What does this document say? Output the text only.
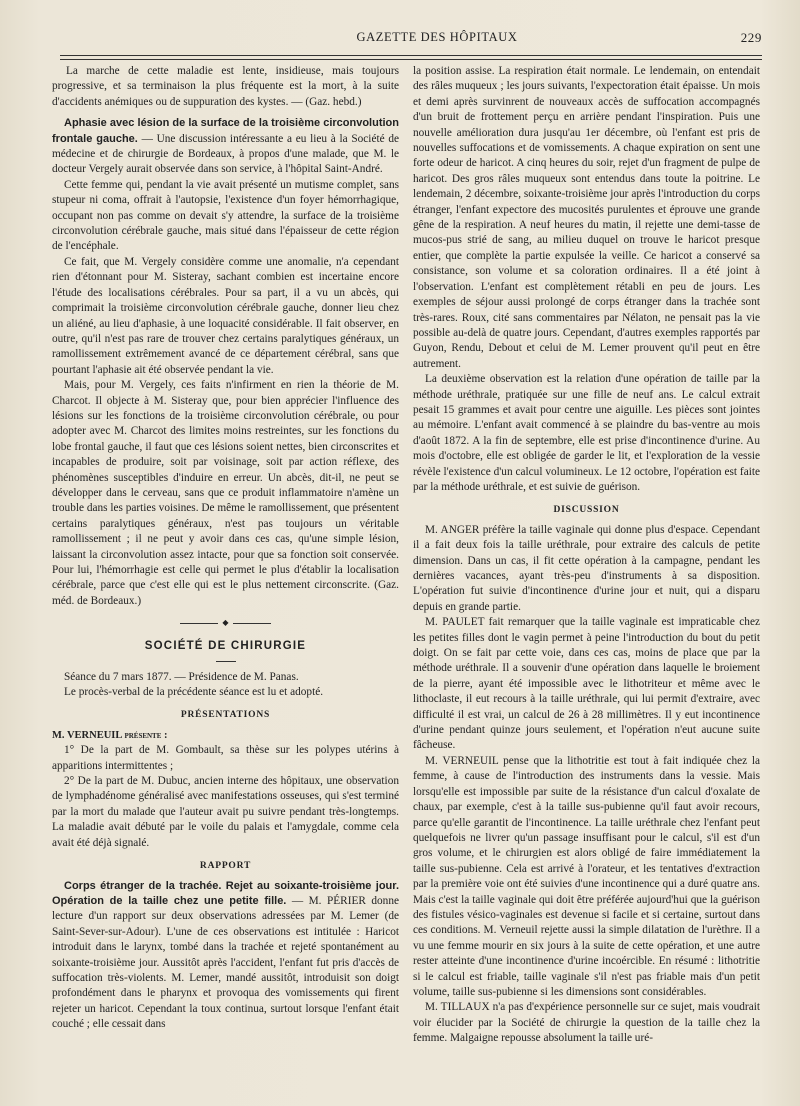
GAZETTE DES HÔPITAUX	229

La marche de cette maladie est lente, insidieuse, mais toujours progressive, et sa terminaison la plus fréquente est la mort, à la suite d'accidents anémiques ou de suppuration des kystes. — (Gaz. hebd.)

Aphasie avec lésion de la surface de la troisième circonvolution frontale gauche. — Une discussion intéressante a eu lieu à la Société de médecine et de chirurgie de Bordeaux, à propos d'une malade, que M. le docteur Vergely aurait observée dans son service, à l'hôpital Saint-André.

Cette femme qui, pendant la vie avait présenté un mutisme complet, sans stupeur ni coma, offrait à l'autopsie, l'existence d'un foyer hémorrhagique, occupant non pas comme on devait s'y attendre, la surface de la troisième circonvolution cérébrale gauche, mais situé dans l'épaisseur de cette région de l'encéphale.

Ce fait, que M. Vergely considère comme une anomalie, n'a cependant rien d'étonnant pour M. Sisteray, sachant combien est incertaine encore l'étude des localisations cérébrales. Pour sa part, il a vu un abcès, qui comprimait la troisième circonvolution cérébrale gauche, donner lieu chez un aliéné, au lieu d'aphasie, à une loquacité considérable. Il fait observer, en outre, qu'il n'est pas rare de trouver chez certains paralytiques généraux, un ramollissement extrêmement avancé de ce département cérébral, sans que pourtant l'aphasie ait été observée pendant la vie.

Mais, pour M. Vergely, ces faits n'infirment en rien la théorie de M. Charcot. Il objecte à M. Sisteray que, pour bien apprécier l'influence des lésions sur les fonctions de la troisième circonvolution cérébrale, ou pour adopter avec M. Charcot des limites moins restreintes, sur les fonctions du lobe frontal gauche, il faut que ces lésions soient nettes, bien circonscrites et incapables de produire, soit par voisinage, soit par action réflexe, des phénomènes susceptibles d'induire en erreur. Un abcès, dit-il, ne peut se développer dans le cerveau, sans que ce produit inflammatoire n'amène un trouble dans les parties voisines. De même le ramollissement, que présentent certains paralytiques généraux, n'est pas toujours un véritable ramollissement ; il ne peut y avoir dans ces cas, qu'une simple lésion, laissant la circonvolution assez intacte, pour que sa fonction soit conservée. Pour lui, l'hémorrhagie est celle qui permet le plus d'établir la localisation cérébrale, parce que c'est elle qui est le plus nettement circonscrite. (Gaz. méd. de Bordeaux.)

◆
SOCIÉTÉ DE CHIRURGIE

Séance du 7 mars 1877. — Présidence de M. Panas.

Le procès-verbal de la précédente séance est lu et adopté.

PRÉSENTATIONS

M. VERNEUIL présente :

1° De la part de M. Gombault, sa thèse sur les polypes utérins à apparitions intermittentes ;

2° De la part de M. Dubuc, ancien interne des hôpitaux, une observation de lymphadénome généralisé avec manifestations osseuses, qui s'est terminé par la mort du malade que l'auteur avait pu suivre pendant très-longtemps. La maladie avait débuté par le voile du palais et l'amygdale, comme cela avait été déjà signalé.

RAPPORT

Corps étranger de la trachée. Rejet au soixante-troisième jour. Opération de la taille chez une petite fille. — M. PÉRIER donne lecture d'un rapport sur deux observations adressées par M. Lemer (de Saint-Sever-sur-Adour). L'une de ces observations est intitulée : Haricot introduit dans le larynx, tombé dans la trachée et rejeté spontanément au soixante-troisième jour. Aussitôt après l'accident, l'enfant fut pris d'accès de suffocation très-violents. M. Lemer, mandé aussitôt, introduisit son doigt profondément dans le pharynx et provoqua des vomissements qui firent rejeter un haricot. Cependant la toux continua, surtout lorsque l'enfant était couché ; elle cessait dans

la position assise. La respiration était normale. Le lendemain, on entendait des râles muqueux ; les jours suivants, l'expectoration était épaisse. Un mois et demi après survinrent de nouveaux accès de suffocation accompagnés d'un bruit de frottement perçu en arrière pendant l'inspiration. Puis une nouvelle amélioration dura jusqu'au 1er décembre, où l'enfant est pris de nouvelles suffocations et de vomissements. A chaque expiration on sent une forte odeur de haricot. A cinq heures du soir, rejet d'un fragment de pulpe de haricot. Des gros râles muqueux sont entendus dans toute la poitrine. Le lendemain, 2 décembre, soixante-troisième jour après l'introduction du corps étranger, l'enfant expectore des mucosités purulentes et éprouve une grande gêne de la respiration. A neuf heures du matin, il rejette une demi-tasse de mucos-pus strié de sang, au milieu duquel on trouve le haricot presque entier, que complète la partie expulsée la veille. Ce haricot a conservé sa consistance, son volume et sa coloration ordinaires. Il a été joint à l'observation. L'enfant est complètement rétabli en peu de jours. Les exemples de séjour aussi prolongé de corps étranger dans la trachée sont très-rares. Roux, cité sans commentaires par Nélaton, ne pensait pas la vie possible au-delà de quatre jours. Cependant, d'autres exemples rapportés par Guyon, Rendu, Debout et celui de M. Lemer prouvent qu'il peut en être autrement.

La deuxième observation est la relation d'une opération de taille par la méthode uréthrale, pratiquée sur une fille de neuf ans. Le calcul extrait pesait 15 grammes et avait pour centre une aiguille. Les pièces sont jointes au mémoire. L'enfant avait commencé à se plaindre du bas-ventre au mois d'août 1872. A la fin de septembre, elle est prise d'incontinence d'urine. Au mois d'octobre, elle est obligée de garder le lit, et l'exploration de la vessie révèle l'existence d'un calcul volumineux. Le 12 octobre, l'opération est faite par la méthode uréthrale, et est suivie de guérison.

DISCUSSION

M. ANGER préfère la taille vaginale qui donne plus d'espace. Cependant il a fait deux fois la taille uréthrale, pour extraire des calculs de petite dimension. Dans un cas, il fit cette opération à la campagne, pendant les dernières vacances, ayant très-peu d'instruments à sa disposition. L'opération fut suivie d'incontinence d'urine jour et nuit, qui a disparu depuis en grande partie.

M. PAULET fait remarquer que la taille vaginale est impraticable chez les petites filles dont le vagin permet à peine l'introduction du bout du petit doigt. On se fait par cette voie, dans ces cas, moins de place que par la méthode uréthrale. Il a souvenir d'une opération dans laquelle le broiement de la pierre, ayant été impossible avec le lithotriteur et même avec le lithoclaste, il eut recours à la taille uréthrale, qui lui permit d'extraire, avec difficulté il est vrai, un calcul de 26 à 28 millimètres. Il y eut incontinence d'urine pendant quinze jours seulement, et l'opération n'eut aucune suite fâcheuse.

M. VERNEUIL pense que la lithotritie est tout à fait indiquée chez la femme, à cause de l'introduction des instruments dans la vessie. Mais lorsqu'elle est impossible par suite de la résistance d'un calcul d'oxalate de chaux, par exemple, c'est à la taille sus-pubienne qu'il faut avoir recours, parce qu'elle garantit de l'incontinence. La taille uréthrale chez l'enfant peut quelquefois ne livrer qu'un passage insuffisant pour le calcul, s'il est d'un gros volume, et le chirurgien est alors obligé de faire immédiatement la taille sus-pubienne. Cela est arrivé à l'orateur, et les tentatives d'extraction par la première voie ont été suivies d'une incontinence qui a duré quatre ans. Mais c'est la taille vaginale qui doit être préférée aujourd'hui que la guérison des fistules vésico-vaginales est devenue si facile et si certaine, surtout dans ces conditions. M. Verneuil rejette aussi la simple dilatation de l'urèthre. Il a vu une femme mourir en six jours à la suite de cette opération, et une autre rester atteinte d'une incontinence d'urine incoércible. En résumé : lithotritie si le calcul est friable, taille vaginale s'il n'est pas friable mais d'un petit volume, taille sus-pubienne si les dimensions sont considérables.

M. TILLAUX n'a pas d'expérience personnelle sur ce sujet, mais voudrait voir élucider par la Société de chirurgie la question de la taille chez la femme. Malgaigne repousse absolument la taille uré-
